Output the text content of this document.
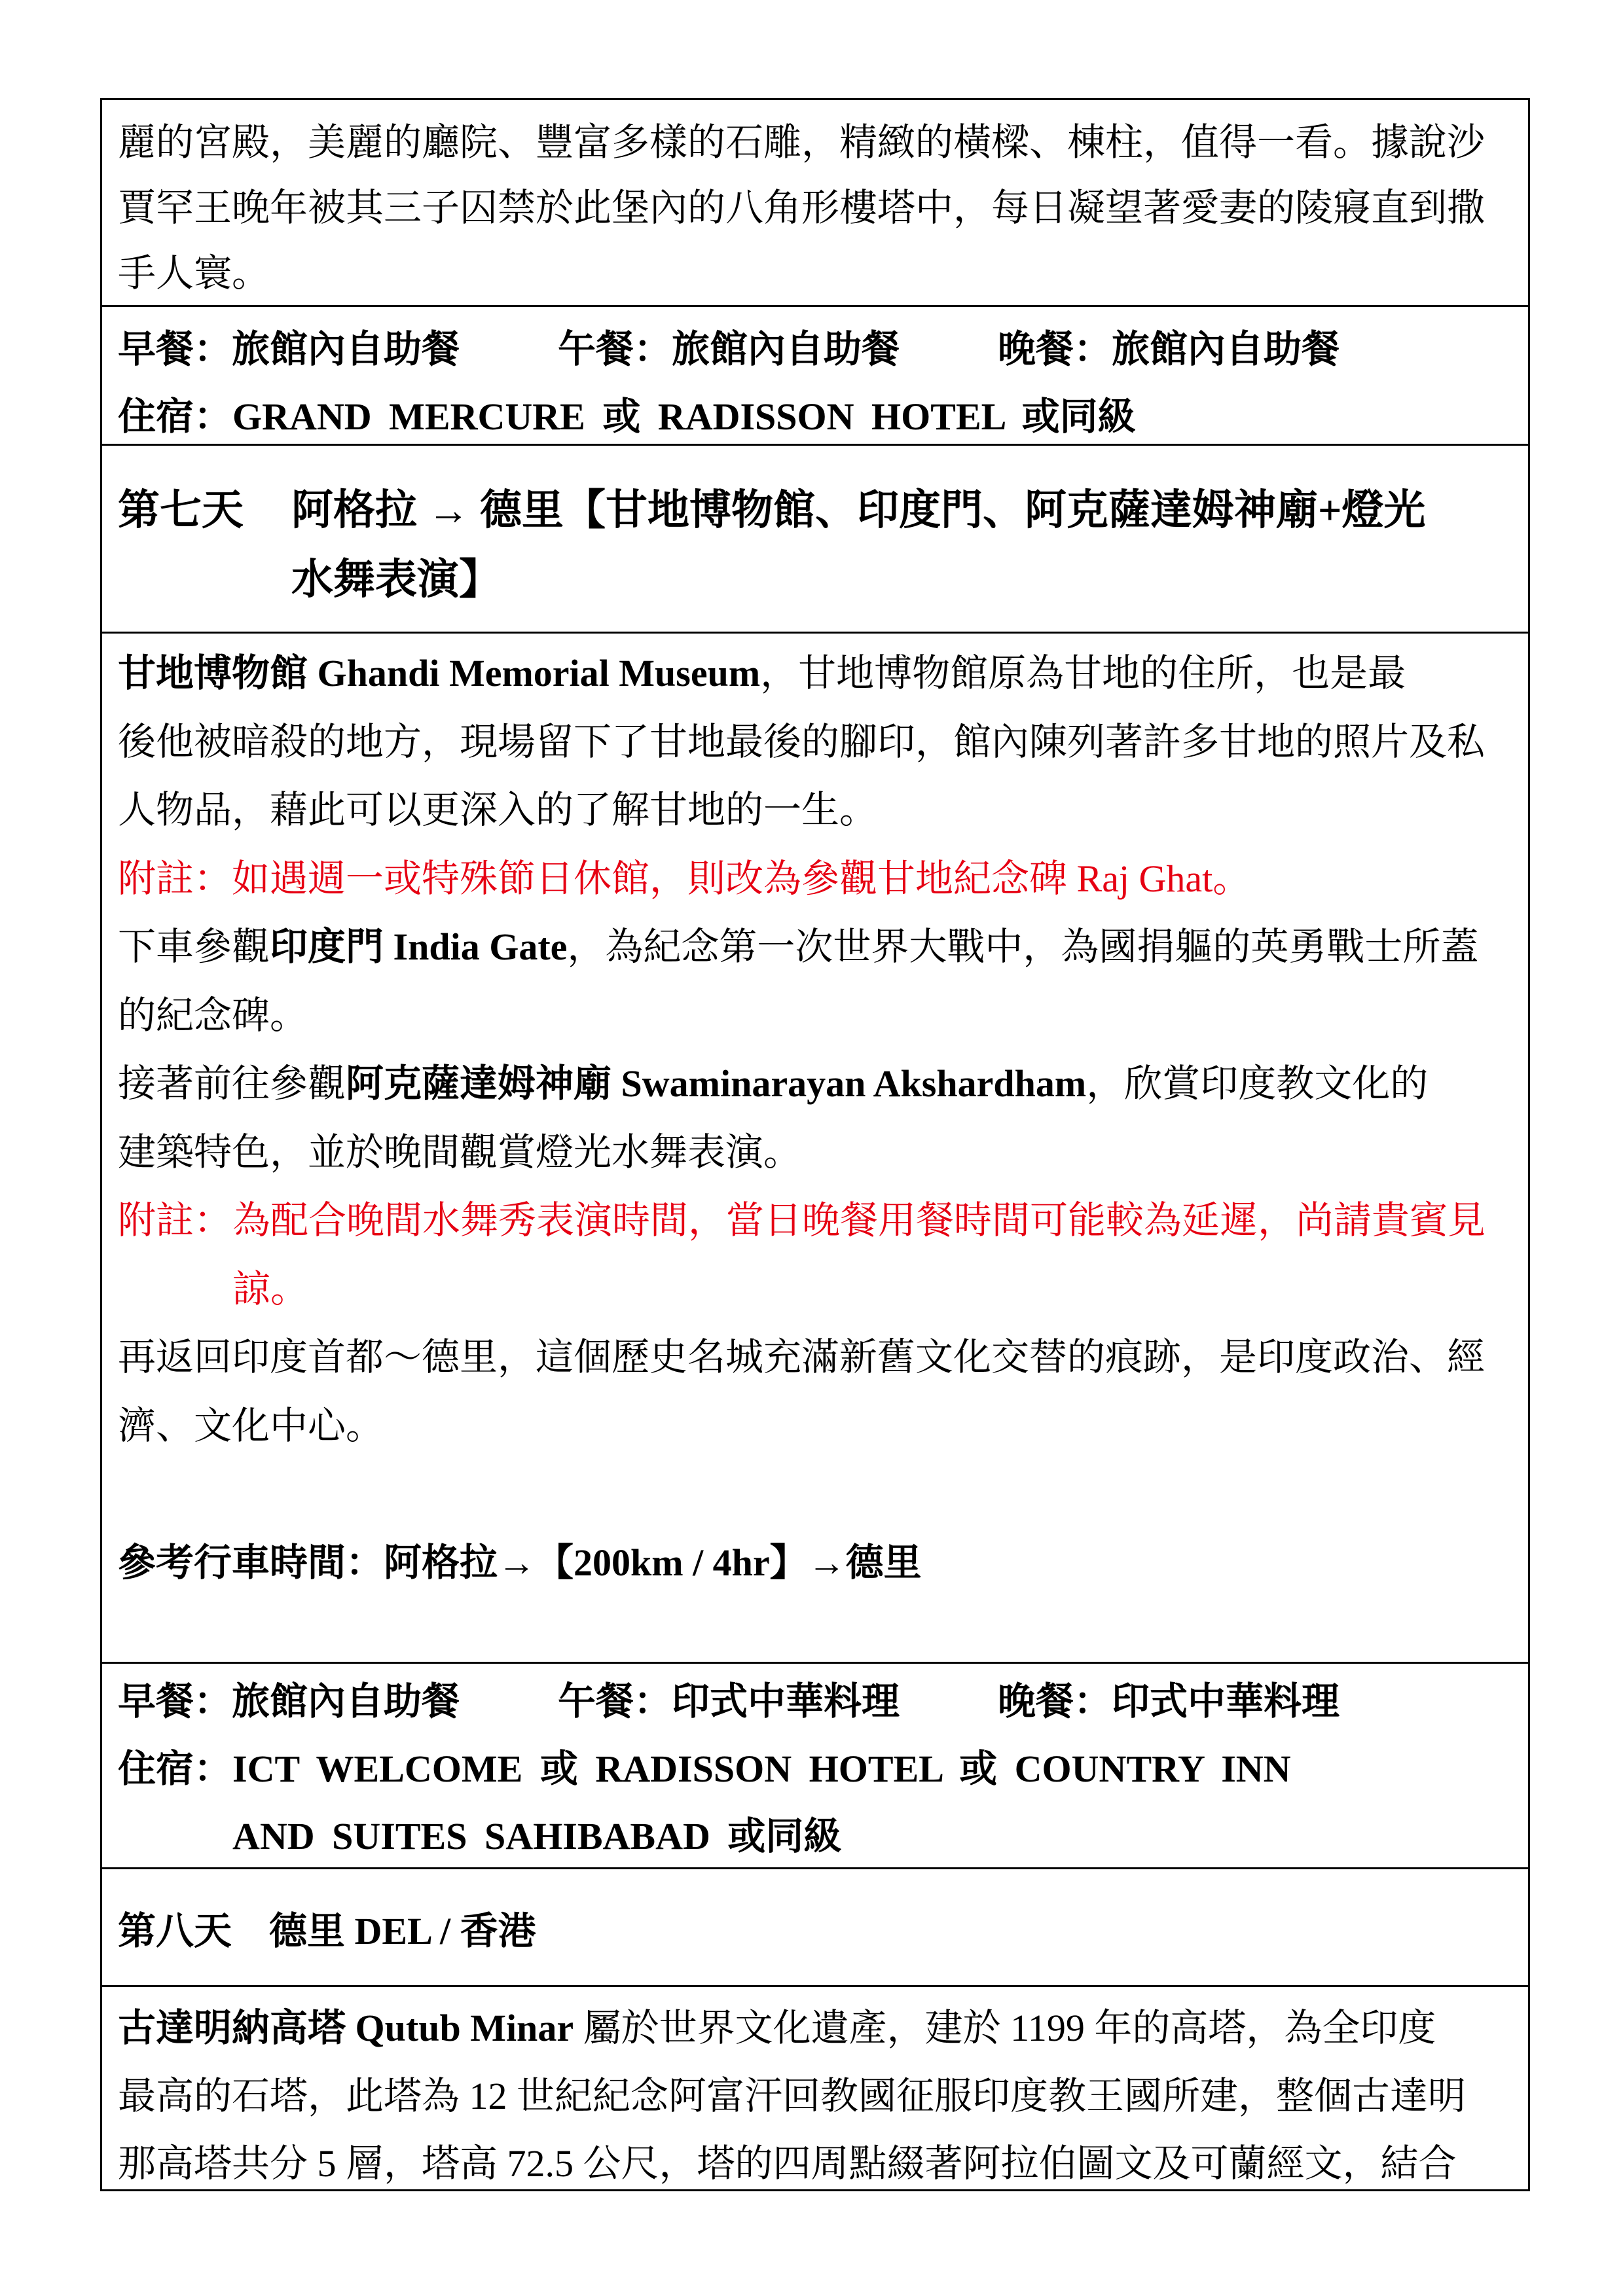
麗的宮殿，美麗的廳院、豐富多樣的石雕，精緻的橫樑、棟柱，值得一看。據說沙
賈罕王晚年被其三子囚禁於此堡內的八角形樓塔中，每日凝望著愛妻的陵寢直到撒
手人寰。
早餐：旅館內自助餐	午餐：旅館內自助餐	晚餐：旅館內自助餐
住宿： GRAND MERCURE 或 RADISSON HOTEL 或同級
第七天	阿格拉 → 德里【甘地博物館、印度門、阿克薩達姆神廟+燈光
水舞表演】
甘地博物館 Ghandi Memorial Museum，甘地博物館原為甘地的住所，也是最
後他被暗殺的地方，現場留下了甘地最後的腳印，館內陳列著許多甘地的照片及私
人物品，藉此可以更深入的了解甘地的一生。
附註：如遇週一或特殊節日休館，則改為參觀甘地紀念碑 Raj Ghat。
下車參觀印度門 India Gate，為紀念第一次世界大戰中，為國捐軀的英勇戰士所蓋
的紀念碑。
接著前往參觀阿克薩達姆神廟 Swaminarayan Akshardham，欣賞印度教文化的
建築特色，並於晚間觀賞燈光水舞表演。
附註： 為配合晚間水舞秀表演時間，當日晚餐用餐時間可能較為延遲，尚請貴賓見
諒。
再返回印度首都～德里，這個歷史名城充滿新舊文化交替的痕跡，是印度政治、經
濟、文化中心。
參考行車時間：阿格拉→【200km / 4hr】→德里
早餐：旅館內自助餐	午餐：印式中華料理	晚餐：印式中華料理
住宿： ICT WELCOME 或 RADISSON HOTEL 或 COUNTRY INN
AND SUITES SAHIBABAD 或同級
第八天 德里 DEL / 香港
古達明納高塔 Qutub Minar 屬於世界文化遺產，建於 1199 年的高塔，為全印度
最高的石塔，此塔為 12 世紀紀念阿富汗回教國征服印度教王國所建，整個古達明
那高塔共分 5 層，塔高 72.5 公尺，塔的四周點綴著阿拉伯圖文及可蘭經文，結合
